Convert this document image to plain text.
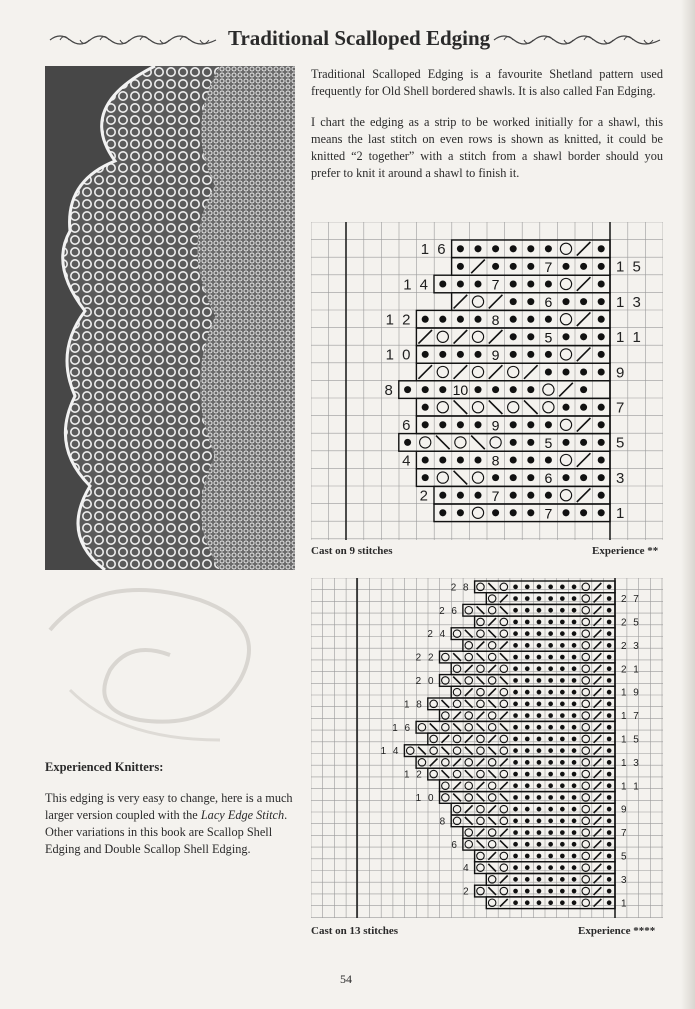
Traditional Scalloped Edging

Traditional Scalloped Edging is a favourite Shetland pattern used frequently for Old Shell bordered shawls. It is also called Fan Edging.

I chart the edging as a strip to be worked initially for a shawl, this means the last stitch on even rows is shown as knitted, it could be knitted “2 together” with a stitch from a shawl border should you prefer to knit it around a shawl to finish it.

1 6
1 5
7
1 4	7
1 3
6
1 2	8
1 1
5
1 0	9
9
8	10
7
6	9
5
5
4	8
3
6
2	7
1
7
Cast on 9 stitches	Experience **
2 8
2 7
2 6
2 5
2 4
2 3
2 2
2 1
2 0
1 9
1 8
1 7
1 6
1 5
1 4
1 3
1 2
1 1
1 0
9
8
7
6
5
4
3
2
1
Cast on 13 stitches	Experience ****
Experienced Knitters:

This edging is very easy to change, here is a much larger version coupled with the Lacy Edge Stitch. Other variations in this book are Scallop Shell Edging and Double Scallop Shell Edging.

54
